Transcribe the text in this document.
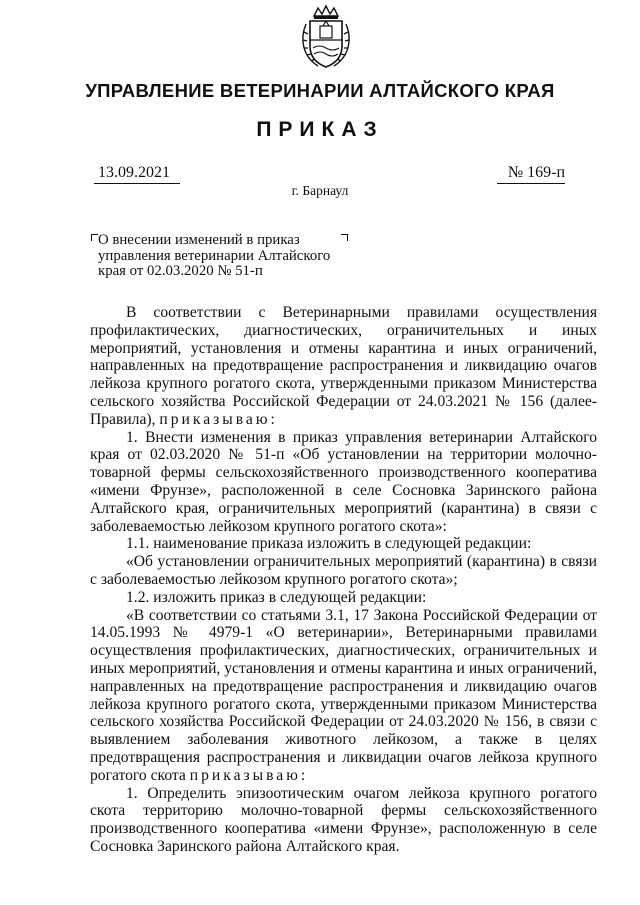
УПРАВЛЕНИЕ ВЕТЕРИНАРИИ АЛТАЙСКОГО КРАЯ
ПРИКАЗ
13.09.2021	№ 169-п
г. Барнаул
О внесении изменений в приказ управления ветеринарии Алтайского края от 02.03.2020 № 51-п

В соответствии с Ветеринарными правилами осуществления профилактических, диагностических, ограничительных и иных мероприятий, установления и отмены карантина и иных ограничений, направленных на предотвращение распространения и ликвидацию очагов лейкоза крупного рогатого скота, утвержденными приказом Министерства сельского хозяйства Российской Федерации от 24.03.2021 № 156 (далее-Правила), приказываю:

1. Внести изменения в приказ управления ветеринарии Алтайского края от 02.03.2020 № 51-п «Об установлении на территории молочно-товарной фермы сельскохозяйственного производственного кооператива «имени Фрунзе», расположенной в селе Сосновка Заринского района Алтайского края, ограничительных мероприятий (карантина) в связи с заболеваемостью лейкозом крупного рогатого скота»:

1.1. наименование приказа изложить в следующей редакции:

«Об установлении ограничительных мероприятий (карантина) в связи с заболеваемостью лейкозом крупного рогатого скота»;

1.2. изложить приказ в следующей редакции:

«В соответствии со статьями 3.1, 17 Закона Российской Федерации от 14.05.1993 № 4979-1 «О ветеринарии», Ветеринарными правилами осуществления профилактических, диагностических, ограничительных и иных мероприятий, установления и отмены карантина и иных ограничений, направленных на предотвращение распространения и ликвидацию очагов лейкоза крупного рогатого скота, утвержденными приказом Министерства сельского хозяйства Российской Федерации от 24.03.2020 № 156, в связи с выявлением заболевания животного лейкозом, а также в целях предотвращения распространения и ликвидации очагов лейкоза крупного рогатого скота приказываю:

1. Определить эпизоотическим очагом лейкоза крупного рогатого скота территорию молочно-товарной фермы сельскохозяйственного производственного кооператива «имени Фрунзе», расположенную в селе Сосновка Заринского района Алтайского края.
